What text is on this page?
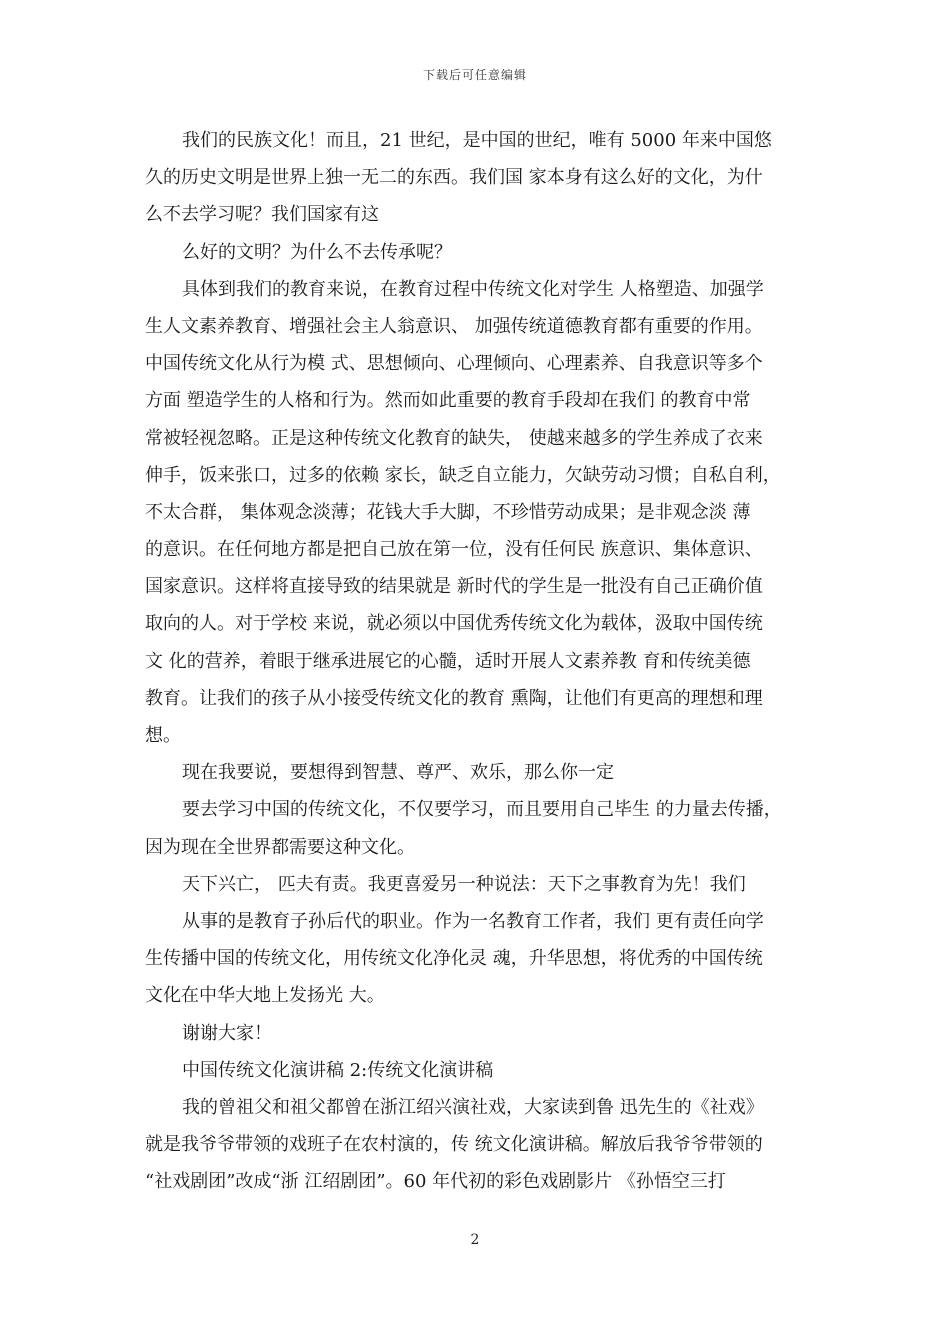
下载后可任意编辑
我们的民族文化！而且，21 世纪，是中国的世纪，唯有 5000 年来中国悠
久的历史文明是世界上独一无二的东西。我们国 家本身有这么好的文化，为什
么不去学习呢？我们国家有这
么好的文明？为什么不去传承呢？
具体到我们的教育来说，在教育过程中传统文化对学生 人格塑造、加强学
生人文素养教育、增强社会主人翁意识、 加强传统道德教育都有重要的作用。
中国传统文化从行为模 式、思想倾向、心理倾向、心理素养、自我意识等多个
方面 塑造学生的人格和行为。然而如此重要的教育手段却在我们 的教育中常
常被轻视忽略。正是这种传统文化教育的缺失， 使越来越多的学生养成了衣来
伸手，饭来张口，过多的依赖 家长，缺乏自立能力，欠缺劳动习惯；自私自利，
不太合群， 集体观念淡薄；花钱大手大脚，不珍惜劳动成果；是非观念淡 薄
的意识。在任何地方都是把自己放在第一位，没有任何民 族意识、集体意识、
国家意识。这样将直接导致的结果就是 新时代的学生是一批没有自己正确价值
取向的人。对于学校 来说，就必须以中国优秀传统文化为载体，汲取中国传统
文 化的营养，着眼于继承进展它的心髓，适时开展人文素养教 育和传统美德
教育。让我们的孩子从小接受传统文化的教育 熏陶，让他们有更高的理想和理
想。
现在我要说，要想得到智慧、尊严、欢乐，那么你一定
要去学习中国的传统文化，不仅要学习，而且要用自己毕生 的力量去传播，
因为现在全世界都需要这种文化。
天下兴亡， 匹夫有责。我更喜爱另一种说法：天下之事教育为先！我们
从事的是教育子孙后代的职业。作为一名教育工作者，我们 更有责任向学
生传播中国的传统文化，用传统文化净化灵 魂，升华思想，将优秀的中国传统
文化在中华大地上发扬光 大。
谢谢大家！
中国传统文化演讲稿 2:传统文化演讲稿
我的曾祖父和祖父都曾在浙江绍兴演社戏，大家读到鲁 迅先生的《社戏》
就是我爷爷带领的戏班子在农村演的，传 统文化演讲稿。解放后我爷爷带领的
“社戏剧团”改成“浙 江绍剧团”。60 年代初的彩色戏剧影片 《孙悟空三打
2
